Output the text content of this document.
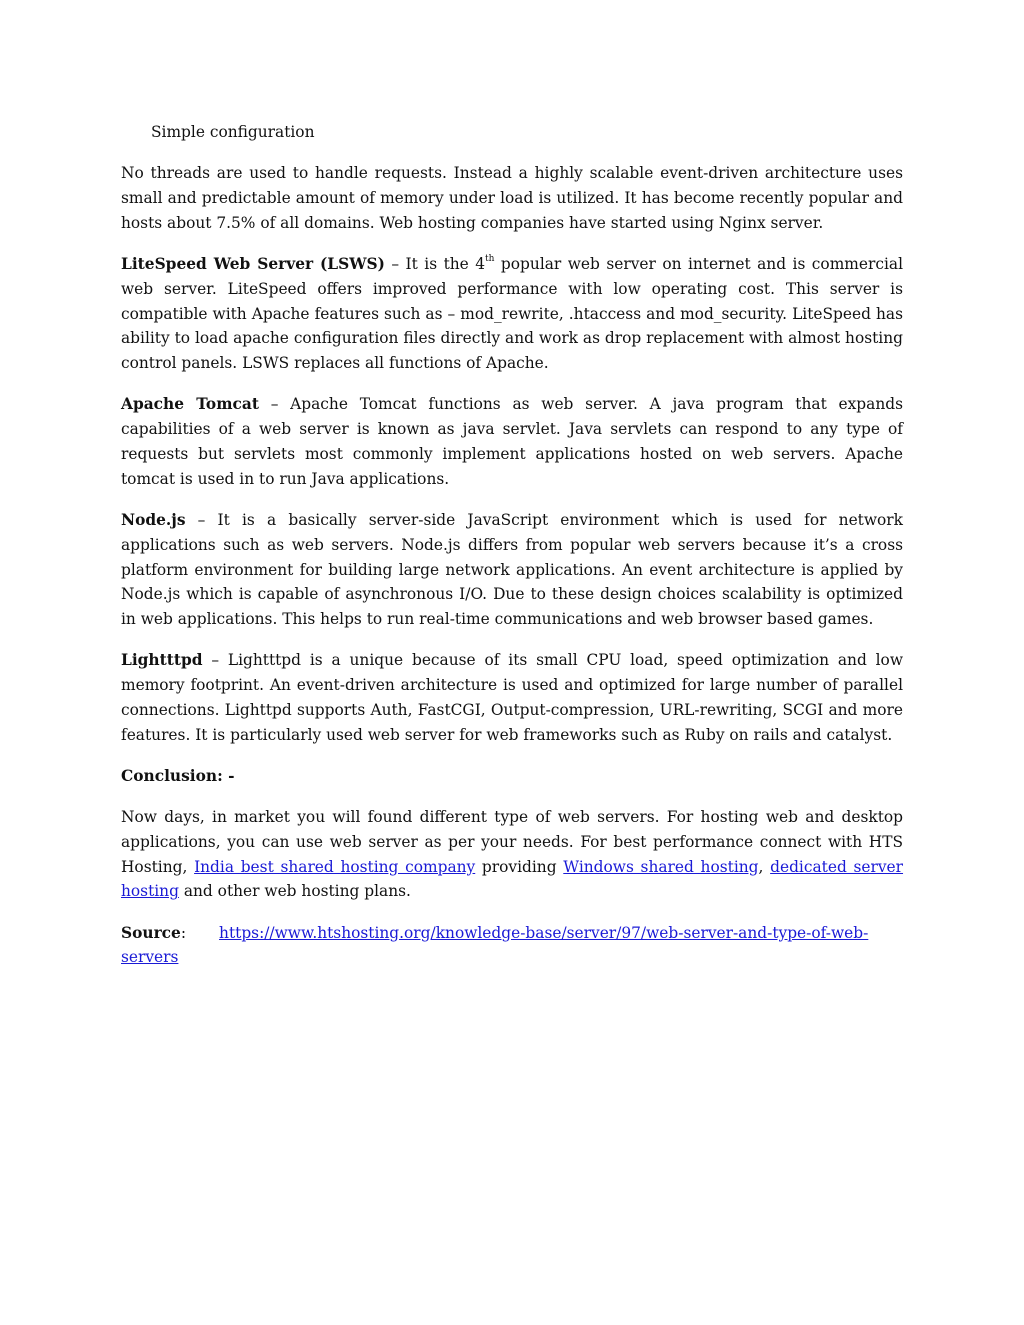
Simple configuration

No threads are used to handle requests. Instead a highly scalable event-driven architecture uses small and predictable amount of memory under load is utilized. It has become recently popular and hosts about 7.5% of all domains. Web hosting companies have started using Nginx server.

LiteSpeed Web Server (LSWS) – It is the 4th popular web server on internet and is commercial web server. LiteSpeed offers improved performance with low operating cost. This server is compatible with Apache features such as – mod_rewrite, .htaccess and mod_security. LiteSpeed has ability to load apache configuration files directly and work as drop replacement with almost hosting control panels. LSWS replaces all functions of Apache.

Apache Tomcat – Apache Tomcat functions as web server. A java program that expands capabilities of a web server is known as java servlet. Java servlets can respond to any type of requests but servlets most commonly implement applications hosted on web servers. Apache tomcat is used in to run Java applications.

Node.js – It is a basically server-side JavaScript environment which is used for network applications such as web servers. Node.js differs from popular web servers because it’s a cross platform environment for building large network applications. An event architecture is applied by Node.js which is capable of asynchronous I/O. Due to these design choices scalability is optimized in web applications. This helps to run real-time communications and web browser based games.

Lightttpd – Lightttpd is a unique because of its small CPU load, speed optimization and low memory footprint. An event-driven architecture is used and optimized for large number of parallel connections. Lighttpd supports Auth, FastCGI, Output-compression, URL-rewriting, SCGI and more features. It is particularly used web server for web frameworks such as Ruby on rails and catalyst.

Conclusion: -

Now days, in market you will found different type of web servers. For hosting web and desktop applications, you can use web server as per your needs. For best performance connect with HTS Hosting, India best shared hosting company providing Windows shared hosting, dedicated server hosting and other web hosting plans.

Source: https://www.htshosting.org/knowledge-base/server/97/web-server-and-type-of-web-servers
